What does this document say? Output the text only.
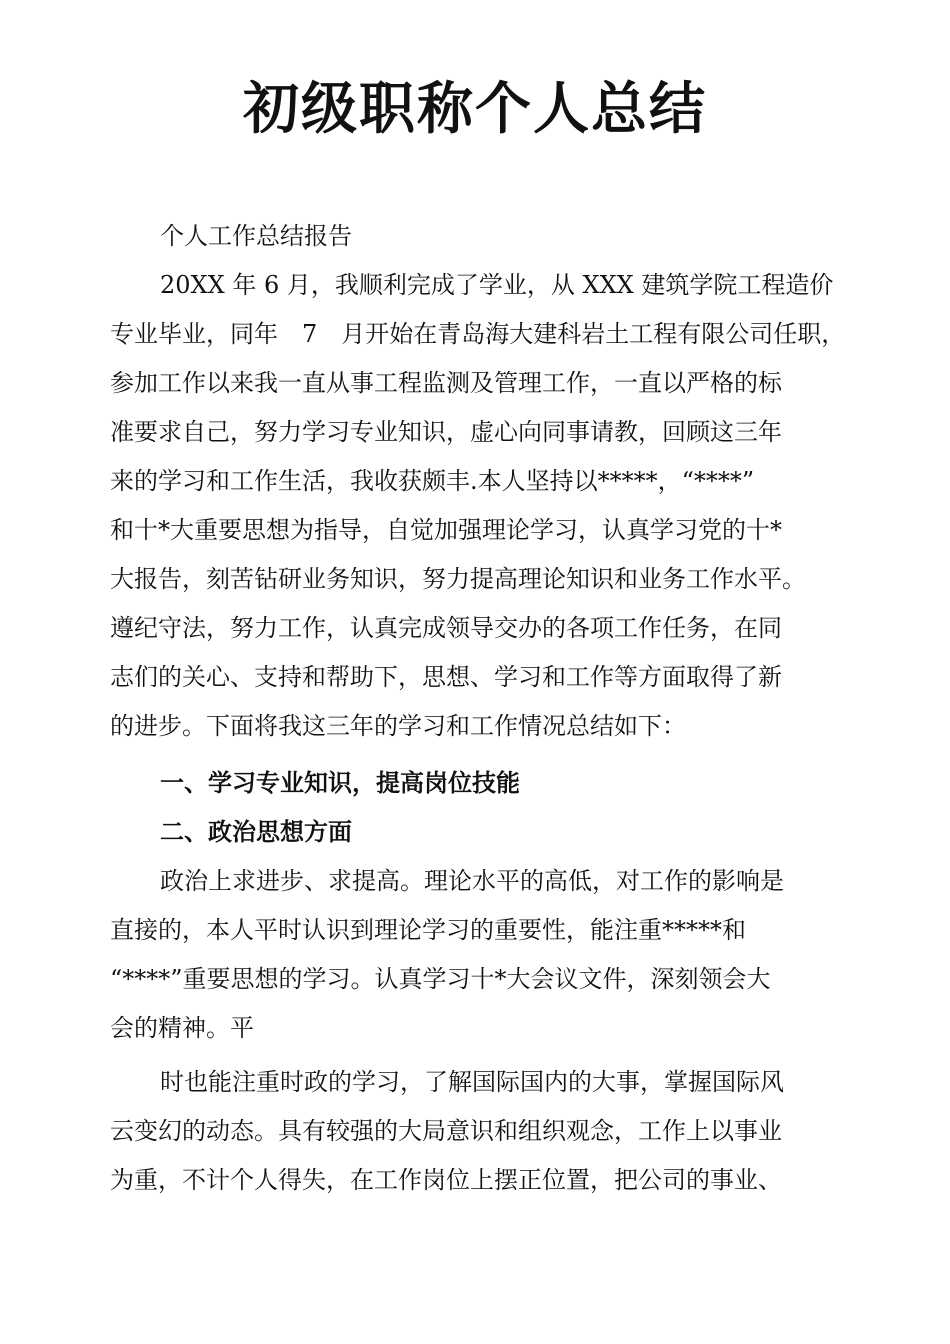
初级职称个人总结

个人工作总结报告

20XX 年 6 月，我顺利完成了学业，从 XXX 建筑学院工程造价

专业毕业，同年　7　月开始在青岛海大建科岩土工程有限公司任职，

参加工作以来我一直从事工程监测及管理工作，一直以严格的标

准要求自己，努力学习专业知识，虚心向同事请教，回顾这三年

来的学习和工作生活，我收获颇丰.本人坚持以*****，“****”

和十*大重要思想为指导，自觉加强理论学习，认真学习党的十*

大报告，刻苦钻研业务知识，努力提高理论知识和业务工作水平。

遵纪守法，努力工作，认真完成领导交办的各项工作任务，在同

志们的关心、支持和帮助下，思想、学习和工作等方面取得了新

的进步。下面将我这三年的学习和工作情况总结如下：

一、学习专业知识，提高岗位技能

二、政治思想方面

政治上求进步、求提高。理论水平的高低，对工作的影响是

直接的，本人平时认识到理论学习的重要性，能注重*****和

“****”重要思想的学习。认真学习十*大会议文件，深刻领会大

会的精神。平

时也能注重时政的学习，了解国际国内的大事，掌握国际风

云变幻的动态。具有较强的大局意识和组织观念，工作上以事业

为重，不计个人得失，在工作岗位上摆正位置，把公司的事业、
